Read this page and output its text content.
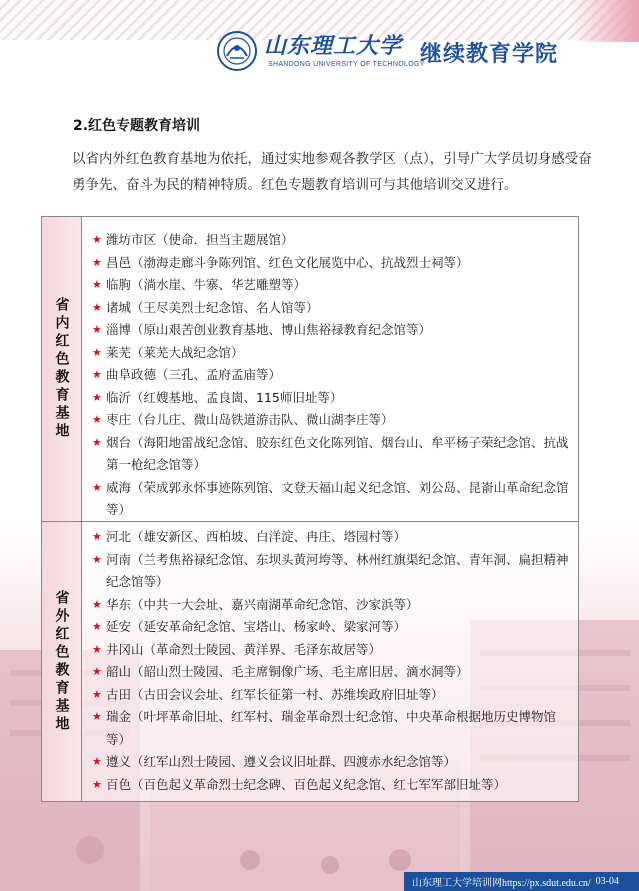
山东理工大学
SHANDONG UNIVERSITY OF TECHNOLOGY
继续教育学院
2.红色专题教育培训
以省内外红色教育基地为依托，通过实地参观各教学区（点），引导广大学员切身感受奋勇争先、奋斗为民的精神特质。红色专题教育培训可与其他培训交叉进行。
省内红色教育基地
★ 潍坊市区（使命．担当主题展馆）
★ 昌邑（渤海走廊斗争陈列馆、红色文化展览中心、抗战烈士祠等）
★ 临朐（淌水崖、牛寨、华艺雕塑等）
★ 诸城（王尽美烈士纪念馆、名人馆等）
★ 淄博（原山艰苦创业教育基地、博山焦裕禄教育纪念馆等）
★ 莱芜（莱芜大战纪念馆）
★ 曲阜政德（三孔、孟府孟庙等）
★ 临沂（红嫂基地、孟良崮、115师旧址等）
★ 枣庄（台儿庄、微山岛铁道游击队、微山湖李庄等）
★ 烟台（海阳地雷战纪念馆、胶东红色文化陈列馆、烟台山、牟平杨子荣纪念馆、抗战第一枪纪念馆等）
★ 威海（荣成郭永怀事迹陈列馆、文登天福山起义纪念馆、刘公岛、昆嵛山革命纪念馆等）
省外红色教育基地
★ 河北（雄安新区、西柏坡、白洋淀、冉庄、塔园村等）
★ 河南（兰考焦裕禄纪念馆、东坝头黄河垮等、林州红旗渠纪念馆、青年洞、扁担精神纪念馆等）
★ 华东（中共一大会址、嘉兴南湖革命纪念馆、沙家浜等）
★ 延安（延安革命纪念馆、宝塔山、杨家岭、梁家河等）
★ 井冈山（革命烈士陵园、黄洋界、毛泽东故居等）
★ 韶山（韶山烈士陵园、毛主席铜像广场、毛主席旧居、滴水洞等）
★ 古田（古田会议会址、红军长征第一村、苏维埃政府旧址等）
★ 瑞金（叶坪革命旧址、红军村、瑞金革命烈士纪念馆、中央革命根据地历史博物馆等）
★ 遵义（红军山烈士陵园、遵义会议旧址群、四渡赤水纪念馆等）
★ 百色（百色起义革命烈士纪念碑、百色起义纪念馆、红七军军部旧址等）
山东理工大学培训网https://px.sdut.edu.cn/ 03-04
